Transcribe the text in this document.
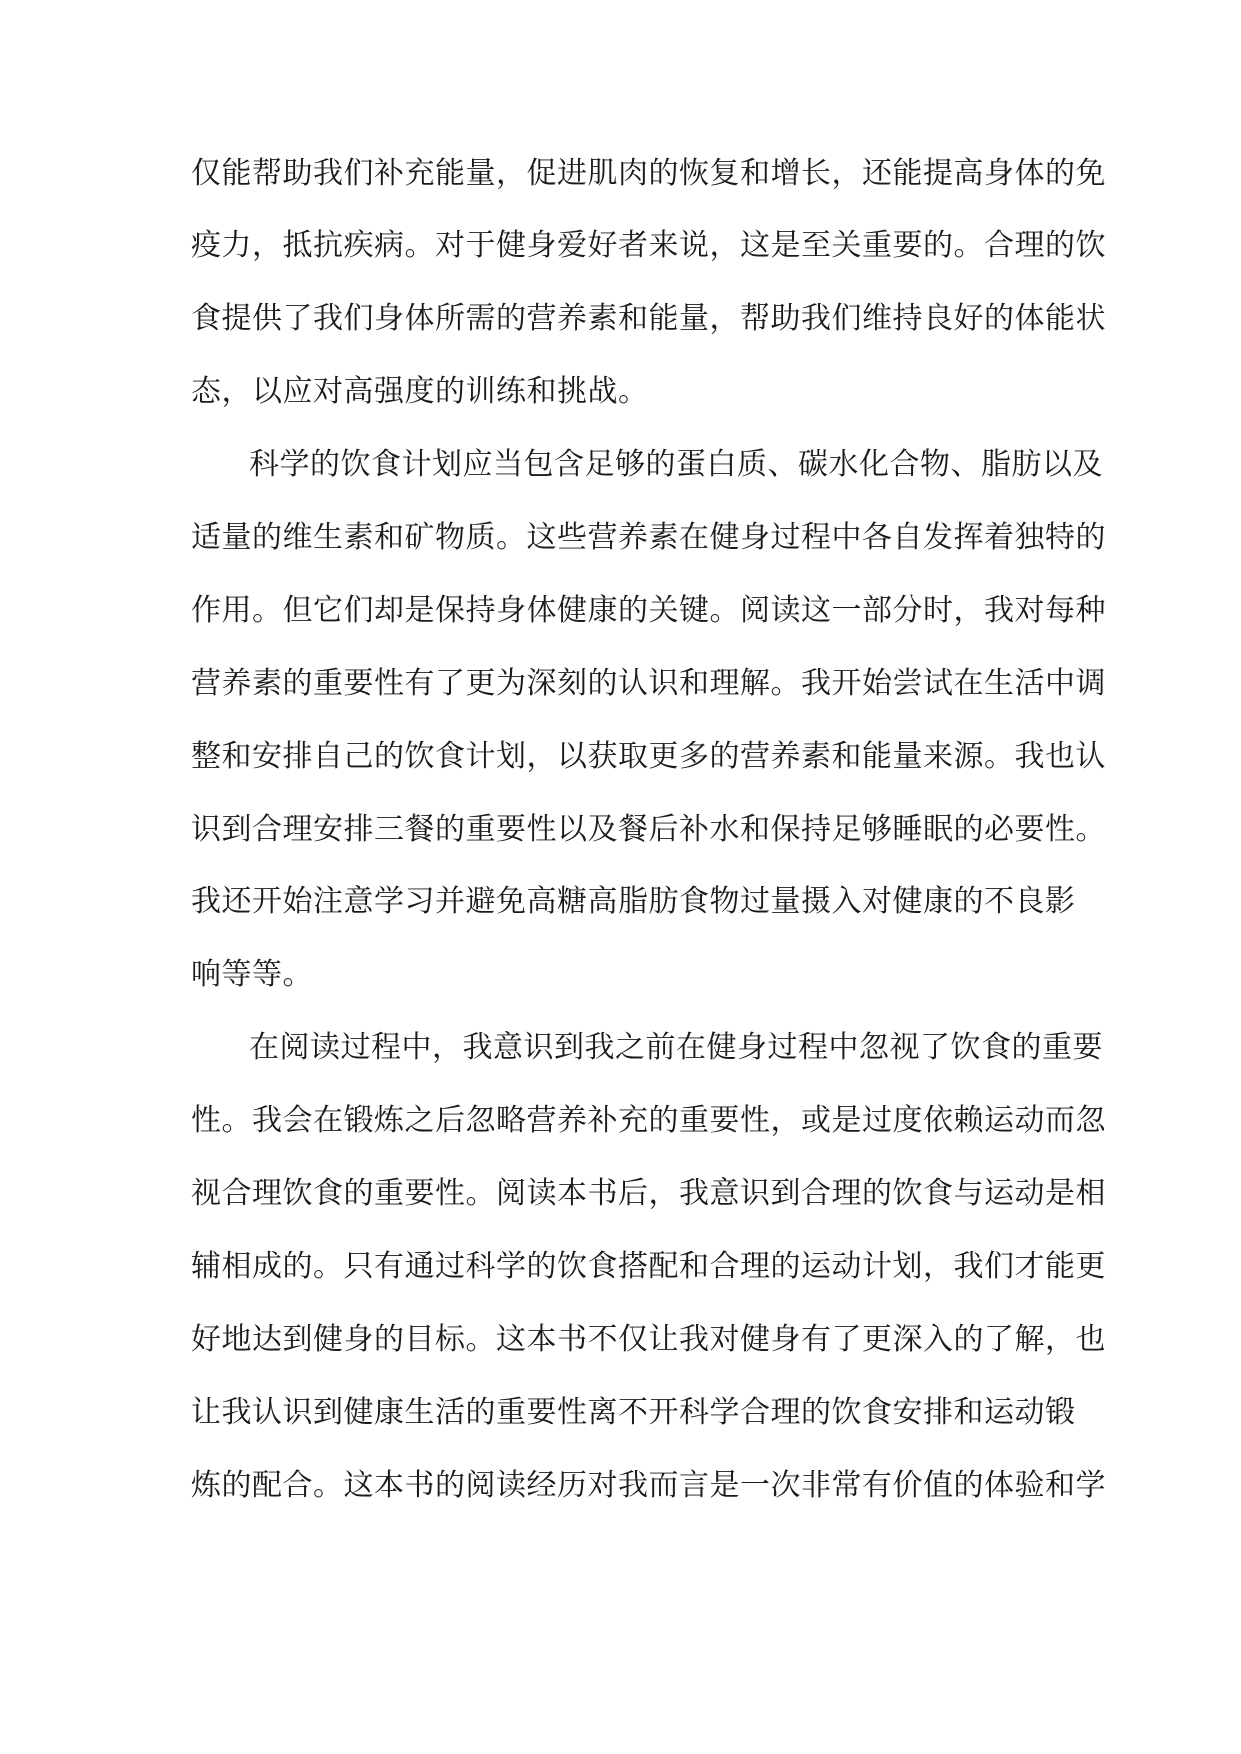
仅能帮助我们补充能量，促进肌肉的恢复和增长，还能提高身体的免
疫力，抵抗疾病。对于健身爱好者来说，这是至关重要的。合理的饮
食提供了我们身体所需的营养素和能量，帮助我们维持良好的体能状
态，以应对高强度的训练和挑战。
科学的饮食计划应当包含足够的蛋白质、碳水化合物、脂肪以及
适量的维生素和矿物质。这些营养素在健身过程中各自发挥着独特的
作用。但它们却是保持身体健康的关键。阅读这一部分时，我对每种
营养素的重要性有了更为深刻的认识和理解。我开始尝试在生活中调
整和安排自己的饮食计划，以获取更多的营养素和能量来源。我也认
识到合理安排三餐的重要性以及餐后补水和保持足够睡眠的必要性。
我还开始注意学习并避免高糖高脂肪食物过量摄入对健康的不良影
响等等。
在阅读过程中，我意识到我之前在健身过程中忽视了饮食的重要
性。我会在锻炼之后忽略营养补充的重要性，或是过度依赖运动而忽
视合理饮食的重要性。阅读本书后，我意识到合理的饮食与运动是相
辅相成的。只有通过科学的饮食搭配和合理的运动计划，我们才能更
好地达到健身的目标。这本书不仅让我对健身有了更深入的了解，也
让我认识到健康生活的重要性离不开科学合理的饮食安排和运动锻
炼的配合。这本书的阅读经历对我而言是一次非常有价值的体验和学
